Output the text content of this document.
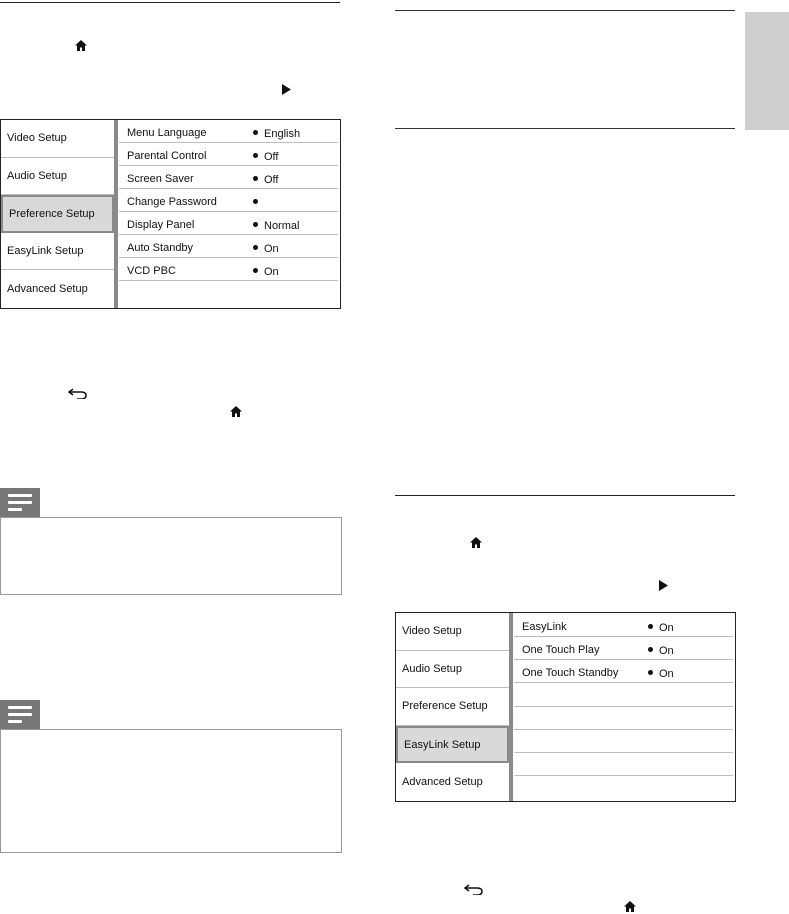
Video Setup
Audio Setup
Preference Setup
EasyLink Setup
Advanced Setup
Menu Language	English
Parental Control	Off
Screen Saver	Off
Change Password
Display Panel	Normal
Auto Standby	On
VCD PBC	On
Video Setup
Audio Setup
Preference Setup
EasyLink Setup
Advanced Setup
EasyLink	On
One Touch Play	On
One Touch Standby	On
